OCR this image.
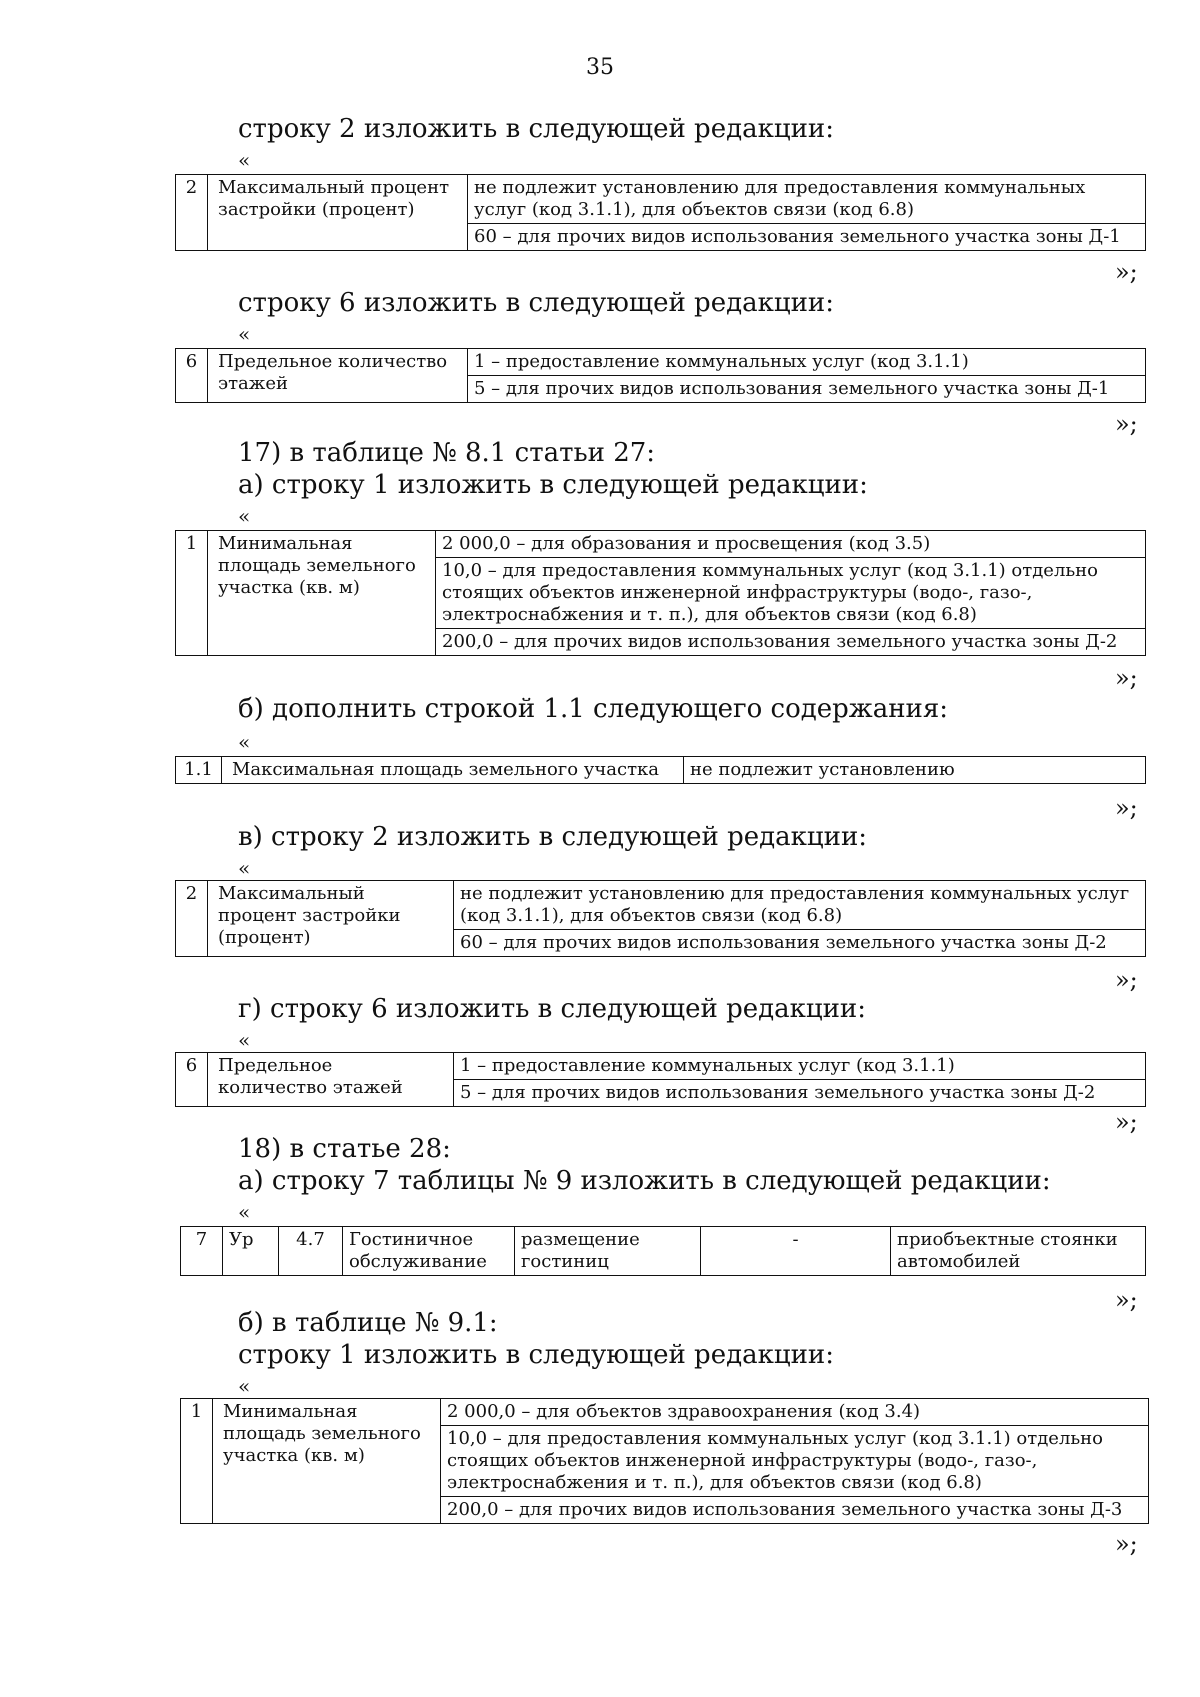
35
строку 2 изложить в следующей редакции:
«
2	Максимальный процент застройки (процент)	не подлежит установлению для предоставления коммунальных услуг (код 3.1.1), для объектов связи (код 6.8)
60 – для прочих видов использования земельного участка зоны Д-1
»;
строку 6 изложить в следующей редакции:
«
6	Предельное количество этажей	1 – предоставление коммунальных услуг (код 3.1.1)
5 – для прочих видов использования земельного участка зоны Д-1
»;
17) в таблице № 8.1 статьи 27:
а) строку 1 изложить в следующей редакции:
«
1	Минимальная площадь земельного участка (кв. м)	2 000,0 – для образования и просвещения (код 3.5)
10,0 – для предоставления коммунальных услуг (код 3.1.1) отдельно стоящих объектов инженерной инфраструктуры (водо-, газо-, электроснабжения и т. п.), для объектов связи (код 6.8)
200,0 – для прочих видов использования земельного участка зоны Д-2
»;
б) дополнить строкой 1.1 следующего содержания:
«
1.1	Максимальная площадь земельного участка	не подлежит установлению
»;
в) строку 2 изложить в следующей редакции:
«
2	Максимальный процент застройки (процент)	не подлежит установлению для предоставления коммунальных услуг (код 3.1.1), для объектов связи (код 6.8)
60 – для прочих видов использования земельного участка зоны Д-2
»;
г) строку 6 изложить в следующей редакции:
«
6	Предельное количество этажей	1 – предоставление коммунальных услуг (код 3.1.1)
5 – для прочих видов использования земельного участка зоны Д-2
»;
18) в статье 28:
а) строку 7 таблицы № 9 изложить в следующей редакции:
«
7	Ур	4.7	Гостиничное обслуживание	размещение гостиниц	-	приобъектные стоянки автомобилей
»;
б) в таблице № 9.1:
строку 1 изложить в следующей редакции:
«
1	Минимальная площадь земельного участка (кв. м)	2 000,0 – для объектов здравоохранения (код 3.4)
10,0 – для предоставления коммунальных услуг (код 3.1.1) отдельно стоящих объектов инженерной инфраструктуры (водо-, газо-, электроснабжения и т. п.), для объектов связи (код 6.8)
200,0 – для прочих видов использования земельного участка зоны Д-3
»;
